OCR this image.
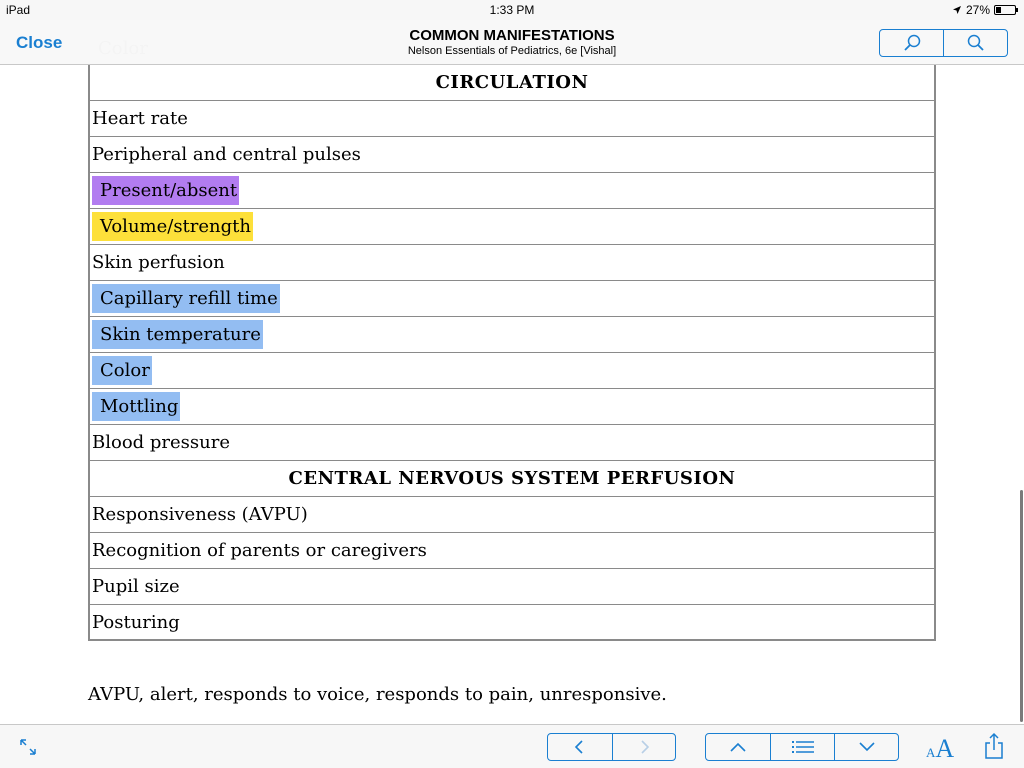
iPad	1:33 PM	27%
Close	COMMON MANIFESTATIONS
Nelson Essentials of Pediatrics, 6e [Vishal]
CIRCULATION
Heart rate
Peripheral and central pulses
Present/absent
Volume/strength
Skin perfusion
Capillary refill time
Skin temperature
Color
Mottling
Blood pressure
CENTRAL NERVOUS SYSTEM PERFUSION
Responsiveness (AVPU)
Recognition of parents or caregivers
Pupil size
Posturing
AVPU, alert, responds to voice, responds to pain, unresponsive.
AA
